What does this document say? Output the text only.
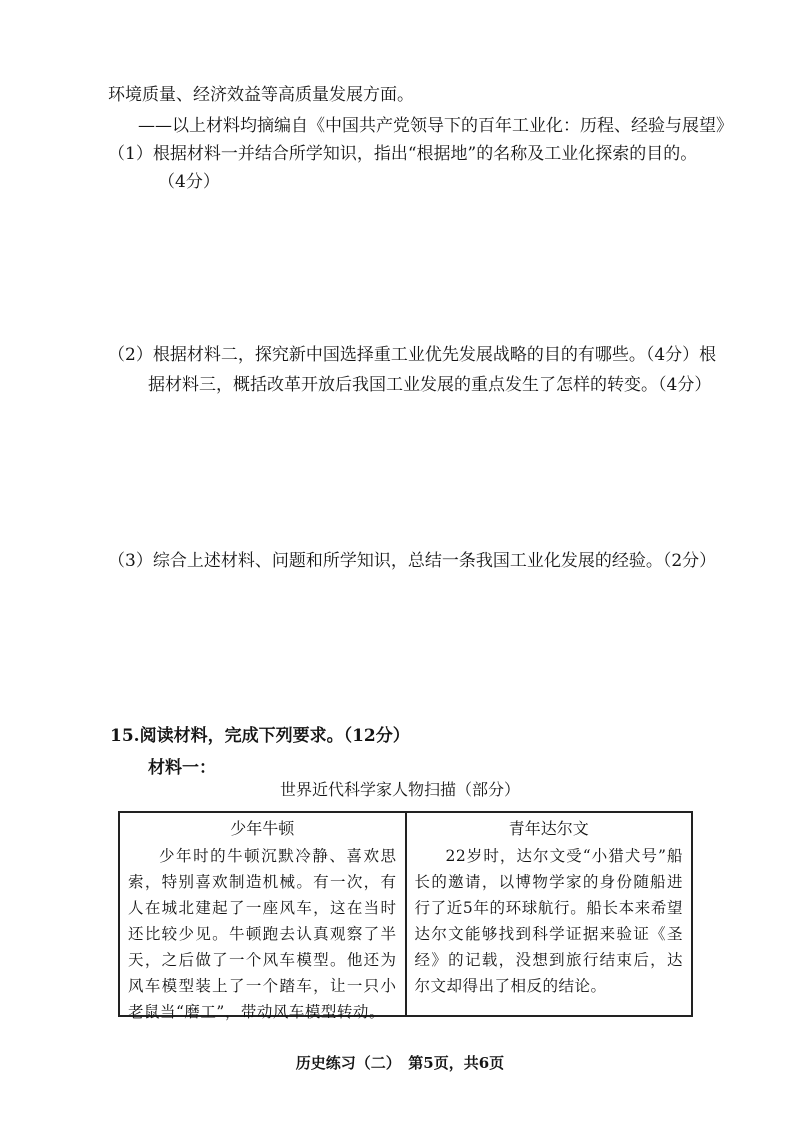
环境质量、经济效益等高质量发展方面。
——以上材料均摘编自《中国共产党领导下的百年工业化：历程、经验与展望》
（1）根据材料一并结合所学知识，指出“根据地”的名称及工业化探索的目的。
（4分）
（2）根据材料二，探究新中国选择重工业优先发展战略的目的有哪些。（4分）根
据材料三，概括改革开放后我国工业发展的重点发生了怎样的转变。（4分）
（3）综合上述材料、问题和所学知识，总结一条我国工业化发展的经验。（2分）
15.阅读材料，完成下列要求。（12分）
材料一：
世界近代科学家人物扫描（部分）
少年牛顿
少年时的牛顿沉默冷静、喜欢思索，特别喜欢制造机械。有一次，有人在城北建起了一座风车，这在当时还比较少见。牛顿跑去认真观察了半天，之后做了一个风车模型。他还为风车模型装上了一个踏车，让一只小老鼠当“磨工”，带动风车模型转动。
青年达尔文
22岁时，达尔文受“小猎犬号”船长的邀请，以博物学家的身份随船进行了近5年的环球航行。船长本来希望达尔文能够找到科学证据来验证《圣经》的记载，没想到旅行结束后，达尔文却得出了相反的结论。
历史练习（二）　第5页，共6页
